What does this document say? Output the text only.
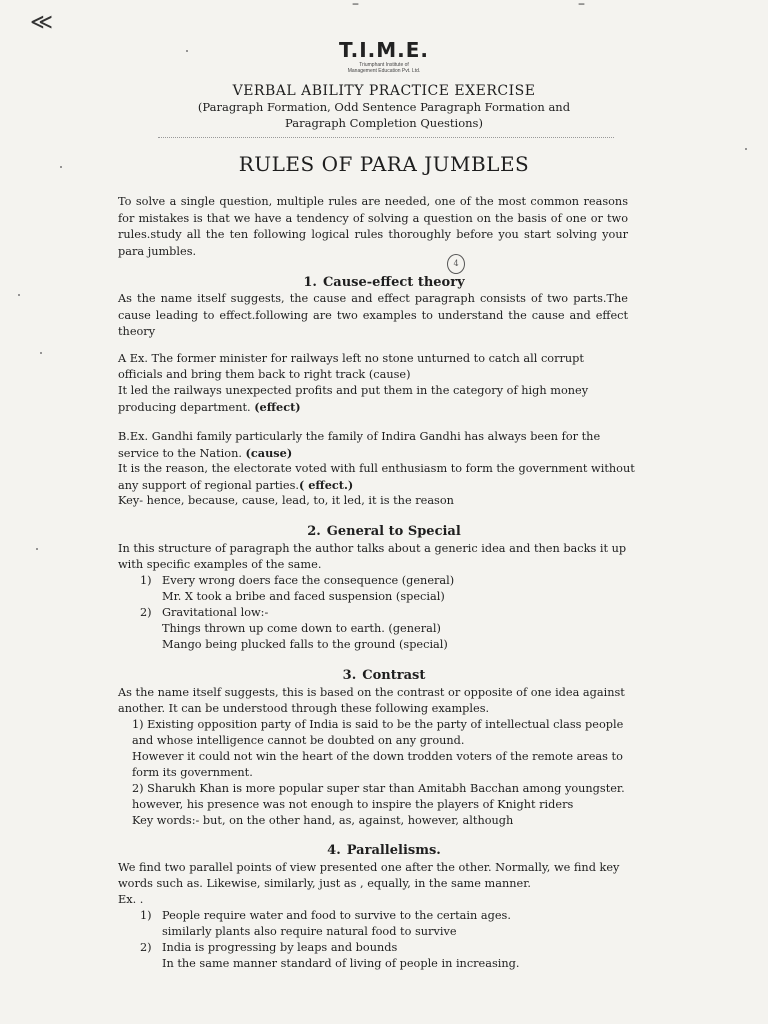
≪
–	–
T.I.M.E.
Triumphant Institute of
Management Education Pvt. Ltd.
VERBAL ABILITY PRACTICE EXERCISE
(Paragraph Formation, Odd Sentence Paragraph Formation and
Paragraph Completion Questions)
RULES OF PARA JUMBLES
To solve a single question, multiple rules are needed, one of the most common reasons for mistakes is that we have a tendency of solving a question on the basis of one or two rules.study all the ten following logical rules thoroughly before you start solving your para jumbles.
4
1. Cause-effect theory
As the name itself suggests, the cause and effect paragraph consists of two parts.The cause leading to effect.following are two examples to understand the cause and effect theory
A Ex. The former minister for railways left no stone unturned to catch all corrupt
officials and bring them back to right track (cause)
It led the railways unexpected profits and put them in the category of high money
producing department. (effect)
B.Ex. Gandhi family particularly the family of Indira Gandhi has always been for the
service to the Nation. (cause)
It is the reason, the electorate voted with full enthusiasm to form the government without
any support of regional parties.( effect.)
Key- hence, because, cause, lead, to, it led, it is the reason
2. General to Special
In this structure of paragraph the author talks about a generic idea and then backs it up
with specific examples of the same.
1) Every wrong doers face the consequence (general)
Mr. X took a bribe and faced suspension (special)
2) Gravitational low:-
Things thrown up come down to earth. (general)
Mango being plucked falls to the ground (special)
3. Contrast
As the name itself suggests, this is based on the contrast or opposite of one idea against
another. It can be understood through these following examples.
1) Existing opposition party of India is said to be the party of intellectual class people
and whose intelligence cannot be doubted on any ground.
However it could not win the heart of the down trodden voters of the remote areas to
form its government.
2) Sharukh Khan is more popular super star than Amitabh Bacchan among youngster.
however, his presence was not enough to inspire the players of Knight riders
Key words:- but, on the other hand, as, against, however, although
4. Parallelisms.
We find two parallel points of view presented one after the other. Normally, we find key
words such as. Likewise, similarly, just as , equally, in the same manner.
Ex. .
1) People require water and food to survive to the certain ages.
similarly plants also require natural food to survive
2) India is progressing by leaps and bounds
In the same manner standard of living of people in increasing.
